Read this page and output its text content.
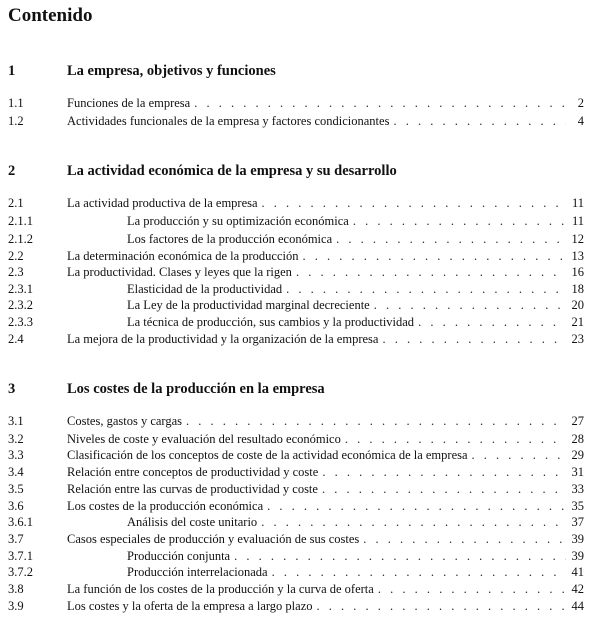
Contenido
1	La empresa, objetivos y funciones
1.1	Funciones de la empresa . . .	2
1.2	Actividades funcionales de la empresa y factores condicionantes . . .	4
2	La actividad económica de la empresa y su desarrollo
2.1	La actividad productiva de la empresa . . .	11
2.1.1	La producción y su optimización económica . . .	11
2.1.2	Los factores de la producción económica . . .	12
2.2	La determinación económica de la producción . . .	13
2.3	La productividad. Clases y leyes que la rigen . . .	16
2.3.1	Elasticidad de la productividad . . .	18
2.3.2	La Ley de la productividad marginal decreciente . . .	20
2.3.3	La técnica de producción, sus cambios y la productividad . . .	21
2.4	La mejora de la productividad y la organización de la empresa . . .	23
3	Los costes de la producción en la empresa
3.1	Costes, gastos y cargas . . .	27
3.2	Niveles de coste y evaluación del resultado económico . . .	28
3.3	Clasificación de los conceptos de coste de la actividad económica de la empresa . . .	29
3.4	Relación entre conceptos de productividad y coste . . .	31
3.5	Relación entre las curvas de productividad y coste . . .	33
3.6	Los costes de la producción económica . . .	35
3.6.1	Análisis del coste unitario . . .	37
3.7	Casos especiales de producción y evaluación de sus costes . . .	39
3.7.1	Producción conjunta . . .	39
3.7.2	Producción interrelacionada . . .	41
3.8	La función de los costes de la producción y la curva de oferta . . .	42
3.9	Los costes y la oferta de la empresa a largo plazo . . .	44
